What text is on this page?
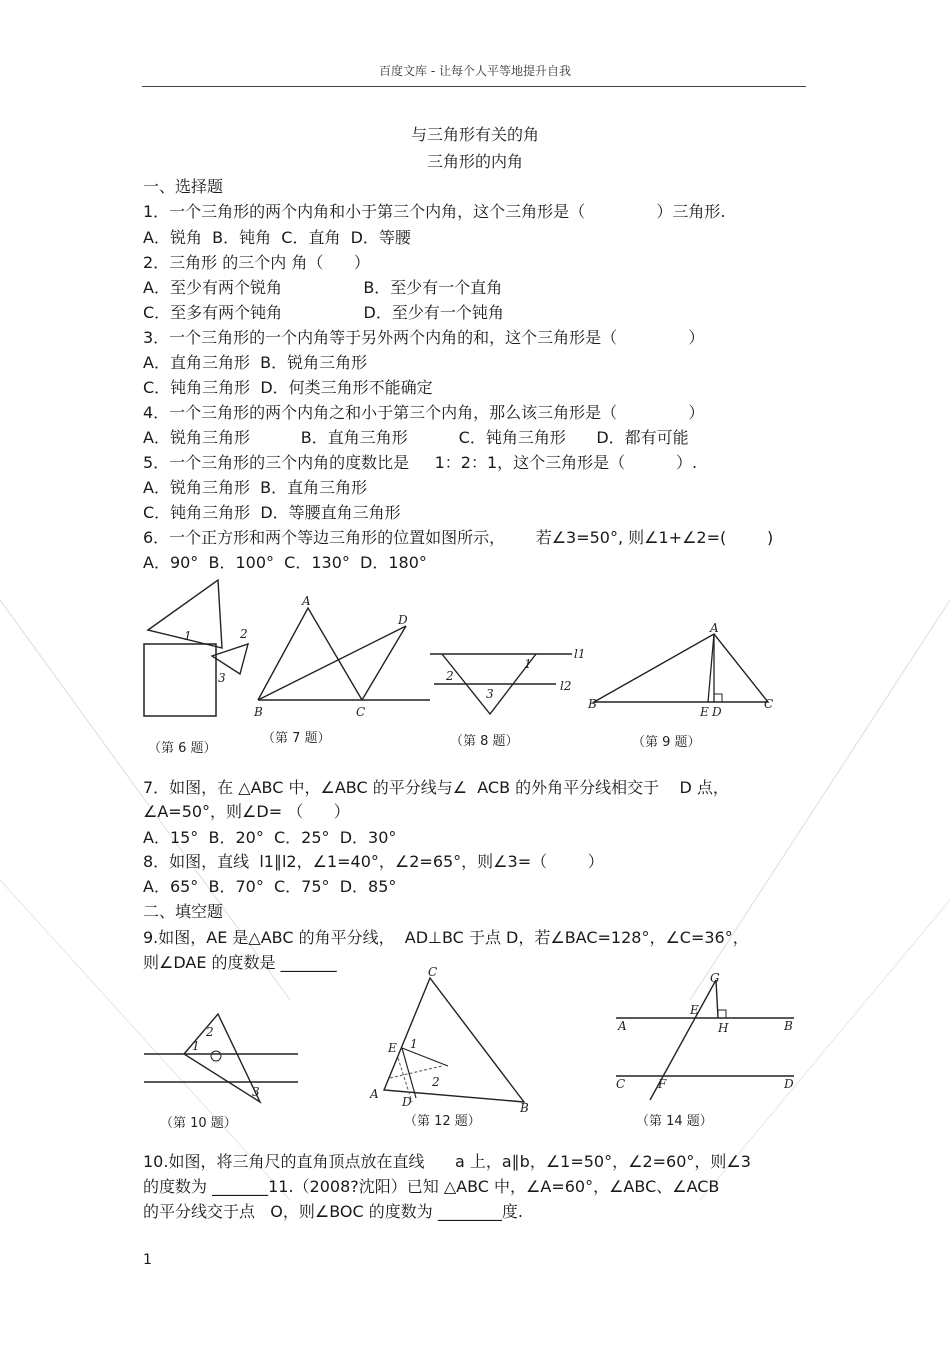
百度文库 - 让每个人平等地提升自我
与三角形有关的角
三角形的内角
一、选择题
1．一个三角形的两个内角和小于第三个内角，这个三角形是（              ）三角形.
A．锐角  B．钝角  C．直角  D．等腰
2．三角形 的三个内 角（      ）
A．至少有两个锐角                B．至少有一个直角
C．至多有两个钝角                D．至少有一个钝角
3．一个三角形的一个内角等于另外两个内角的和，这个三角形是（              ）
A．直角三角形  B．锐角三角形
C．钝角三角形  D．何类三角形不能确定
4．一个三角形的两个内角之和小于第三个内角，那么该三角形是（              ）
A．锐角三角形          B．直角三角形          C．钝角三角形      D．都有可能
5．一个三角形的三个内角的度数比是     1：2：1，这个三角形是（          ）.
A．锐角三角形  B．直角三角形
C．钝角三角形  D．等腰直角三角形
6．一个正方形和两个等边三角形的位置如图所示，      若∠3=50°, 则∠1+∠2=(        )
A．90°  B．100°  C．130°  D．180°
1	2
3
（第 6 题）
A
D
B	C
（第 7 题）
l1
l2
1
2
3
（第 8 题）
A
B
E D
C
（第 9 题）
7．如图，在 △ABC 中，∠ABC 的平分线与∠  ACB 的外角平分线相交于    D 点，
∠A=50°，则∠D= （      ）
A．15°  B．20°  C．25°  D．30°
8．如图，直线  l1∥l2，∠1=40°，∠2=65°，则∠3=（        ）
A．65°  B．70°  C．75°  D．85°
二、填空题
9.如图，AE 是△ABC 的角平分线，  AD⊥BC 于点 D，若∠BAC=128°，∠C=36°，
则∠DAE 的度数是 _______
1
2
3
（第 10 题）
C
E 1
A
2
D	B
（第 12 题）
G
E
A	H	B
C	F	D
（第 14 题）
10.如图，将三角尺的直角顶点放在直线      a 上，a∥b，∠1=50°，∠2=60°，则∠3
的度数为 _______11.（2008?沈阳）已知 △ABC 中，∠A=60°，∠ABC、∠ACB
的平分线交于点   O，则∠BOC 的度数为 ________度.
1
